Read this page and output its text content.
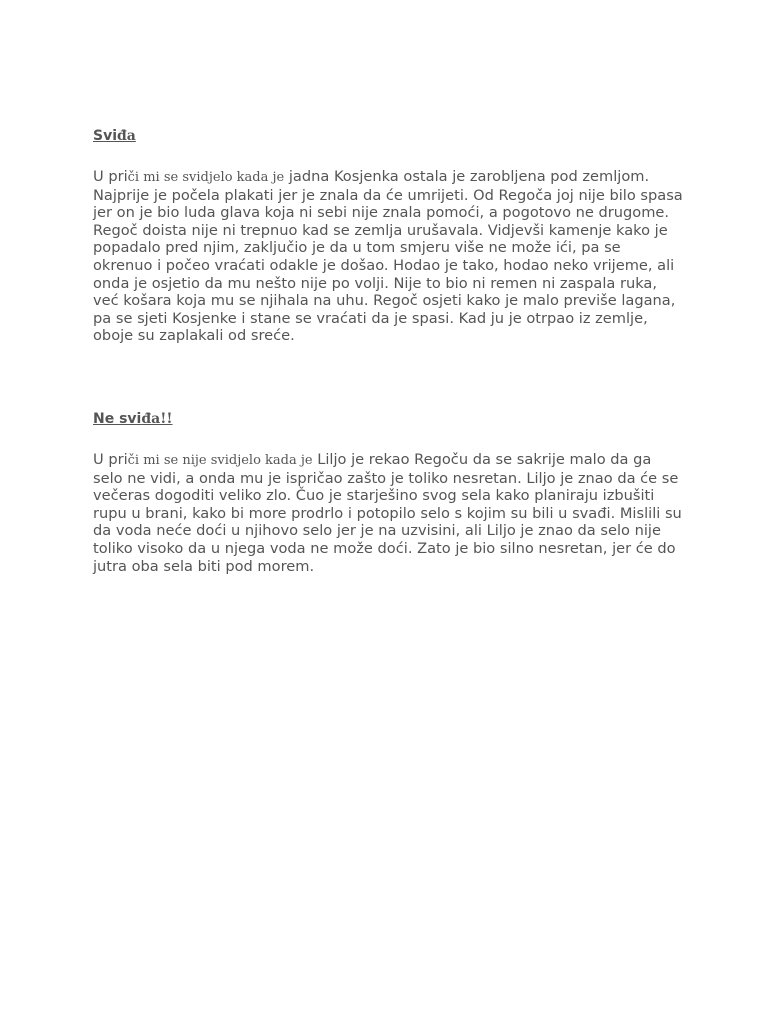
Sviđa

U priči mi se svidjelo kada je jadna Kosjenka ostala je zarobljena pod zemljom. Najprije je počela plakati jer je znala da će umrijeti. Od Regoča joj nije bilo spasa jer on je bio luda glava koja ni sebi nije znala pomoći, a pogotovo ne drugome. Regoč doista nije ni trepnuo kad se zemlja urušavala. Vidjevši kamenje kako je popadalo pred njim, zaključio je da u tom smjeru više ne može ići, pa se okrenuo i počeo vraćati odakle je došao. Hodao je tako, hodao neko vrijeme, ali onda je osjetio da mu nešto nije po volji. Nije to bio ni remen ni zaspala ruka, već košara koja mu se njihala na uhu. Regoč osjeti kako je malo previše lagana, pa se sjeti Kosjenke i stane se vraćati da je spasi. Kad ju je otrpao iz zemlje, oboje su zaplakali od sreće.

Ne sviđa!!

U priči mi se nije svidjelo kada je Liljo je rekao Regoču da se sakrije malo da ga selo ne vidi, a onda mu je ispričao zašto je toliko nesretan. Liljo je znao da će se večeras dogoditi veliko zlo. Čuo je starješino svog sela kako planiraju izbušiti rupu u brani, kako bi more prodrlo i potopilo selo s kojim su bili u svađi. Mislili su da voda neće doći u njihovo selo jer je na uzvisini, ali Liljo je znao da selo nije toliko visoko da u njega voda ne može doći. Zato je bio silno nesretan, jer će do jutra oba sela biti pod morem.
